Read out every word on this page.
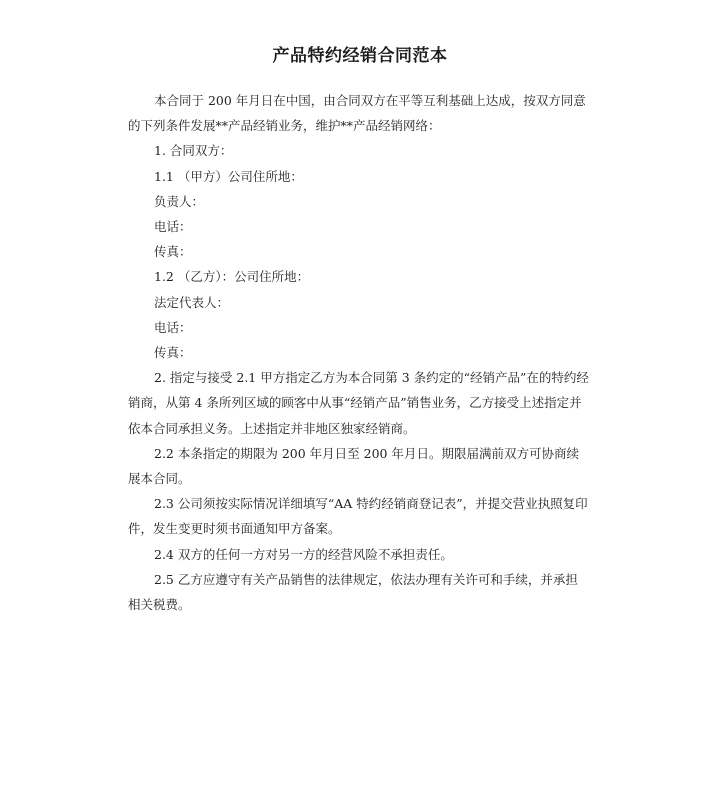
产品特约经销合同范本

本合同于 200 年月日在中国，由合同双方在平等互利基础上达成，按双方同意的下列条件发展**产品经销业务，维护**产品经销网络：

1. 合同双方：

1.1 （甲方）公司住所地：

负责人：

电话：

传真：

1.2 （乙方）：公司住所地：

法定代表人：

电话：

传真：

2. 指定与接受 2.1 甲方指定乙方为本合同第 3 条约定的“经销产品”在的特约经销商，从第 4 条所列区域的顾客中从事“经销产品”销售业务，乙方接受上述指定并依本合同承担义务。上述指定并非地区独家经销商。

2.2 本条指定的期限为 200 年月日至 200 年月日。期限届满前双方可协商续展本合同。

2.3 公司须按实际情况详细填写“AA 特约经销商登记表”，并提交营业执照复印件，发生变更时须书面通知甲方备案。

2.4 双方的任何一方对另一方的经营风险不承担责任。

2.5 乙方应遵守有关产品销售的法律规定，依法办理有关许可和手续，并承担相关税费。
